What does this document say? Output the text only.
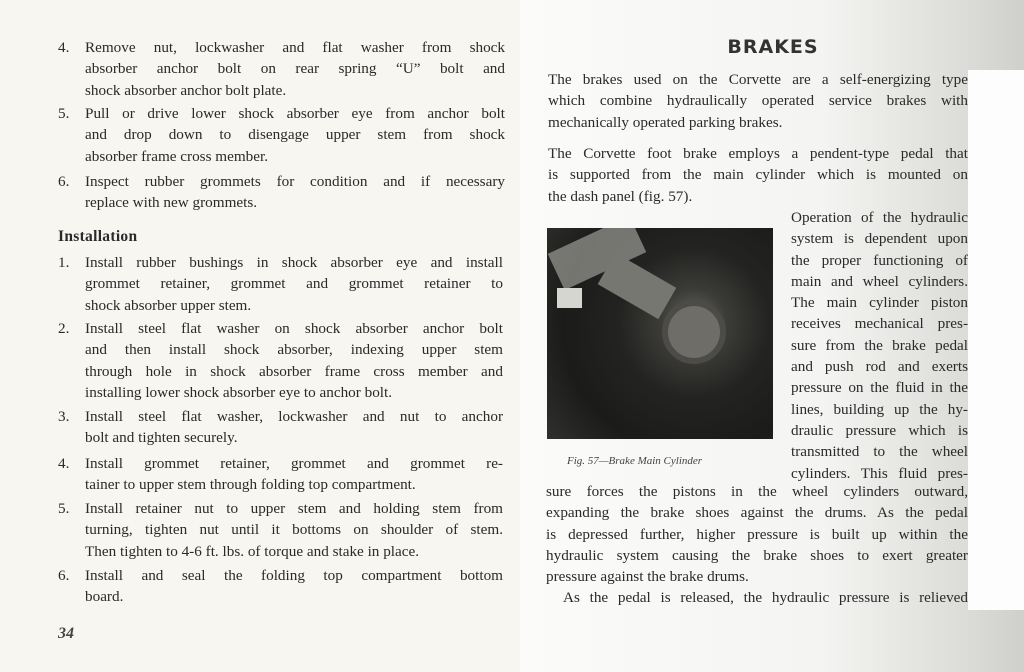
Installation
34
BRAKES
Fig. 57—Brake Main Cylinder
4. Remove nut, lockwasher and flat washer from shock
absorber anchor bolt on rear spring “U” bolt and
shock absorber anchor bolt plate.
5. Pull or drive lower shock absorber eye from anchor bolt
and drop down to disengage upper stem from shock
absorber frame cross member.
6. Inspect rubber grommets for condition and if necessary
replace with new grommets.
1. Install rubber bushings in shock absorber eye and install
grommet retainer, grommet and grommet retainer to
shock absorber upper stem.
2. Install steel flat washer on shock absorber anchor bolt
and then install shock absorber, indexing upper stem
through hole in shock absorber frame cross member and
installing lower shock absorber eye to anchor bolt.
3. Install steel flat washer, lockwasher and nut to anchor
bolt and tighten securely.
4. Install grommet retainer, grommet and grommet re-
tainer to upper stem through folding top compartment.
5. Install retainer nut to upper stem and holding stem from
turning, tighten nut until it bottoms on shoulder of stem.
Then tighten to 4-6 ft. lbs. of torque and stake in place.
6. Install and seal the folding top compartment bottom
board.
The brakes used on the Corvette are a self-energizing type
which combine hydraulically operated service brakes with
mechanically operated parking brakes.
The Corvette foot brake employs a pendent-type pedal that
is supported from the main cylinder which is mounted on
the dash panel (fig. 57).
Operation of the hydraulic
system is dependent upon
the proper functioning of
main and wheel cylinders.
The main cylinder piston
receives mechanical pres-
sure from the brake pedal
and push rod and exerts
pressure on the fluid in the
lines, building up the hy-
draulic pressure which is
transmitted to the wheel
cylinders. This fluid pres-
sure forces the pistons in the wheel cylinders outward,
expanding the brake shoes against the drums. As the pedal
is depressed further, higher pressure is built up within the
hydraulic system causing the brake shoes to exert greater
pressure against the brake drums.
As the pedal is released, the hydraulic pressure is relieved
